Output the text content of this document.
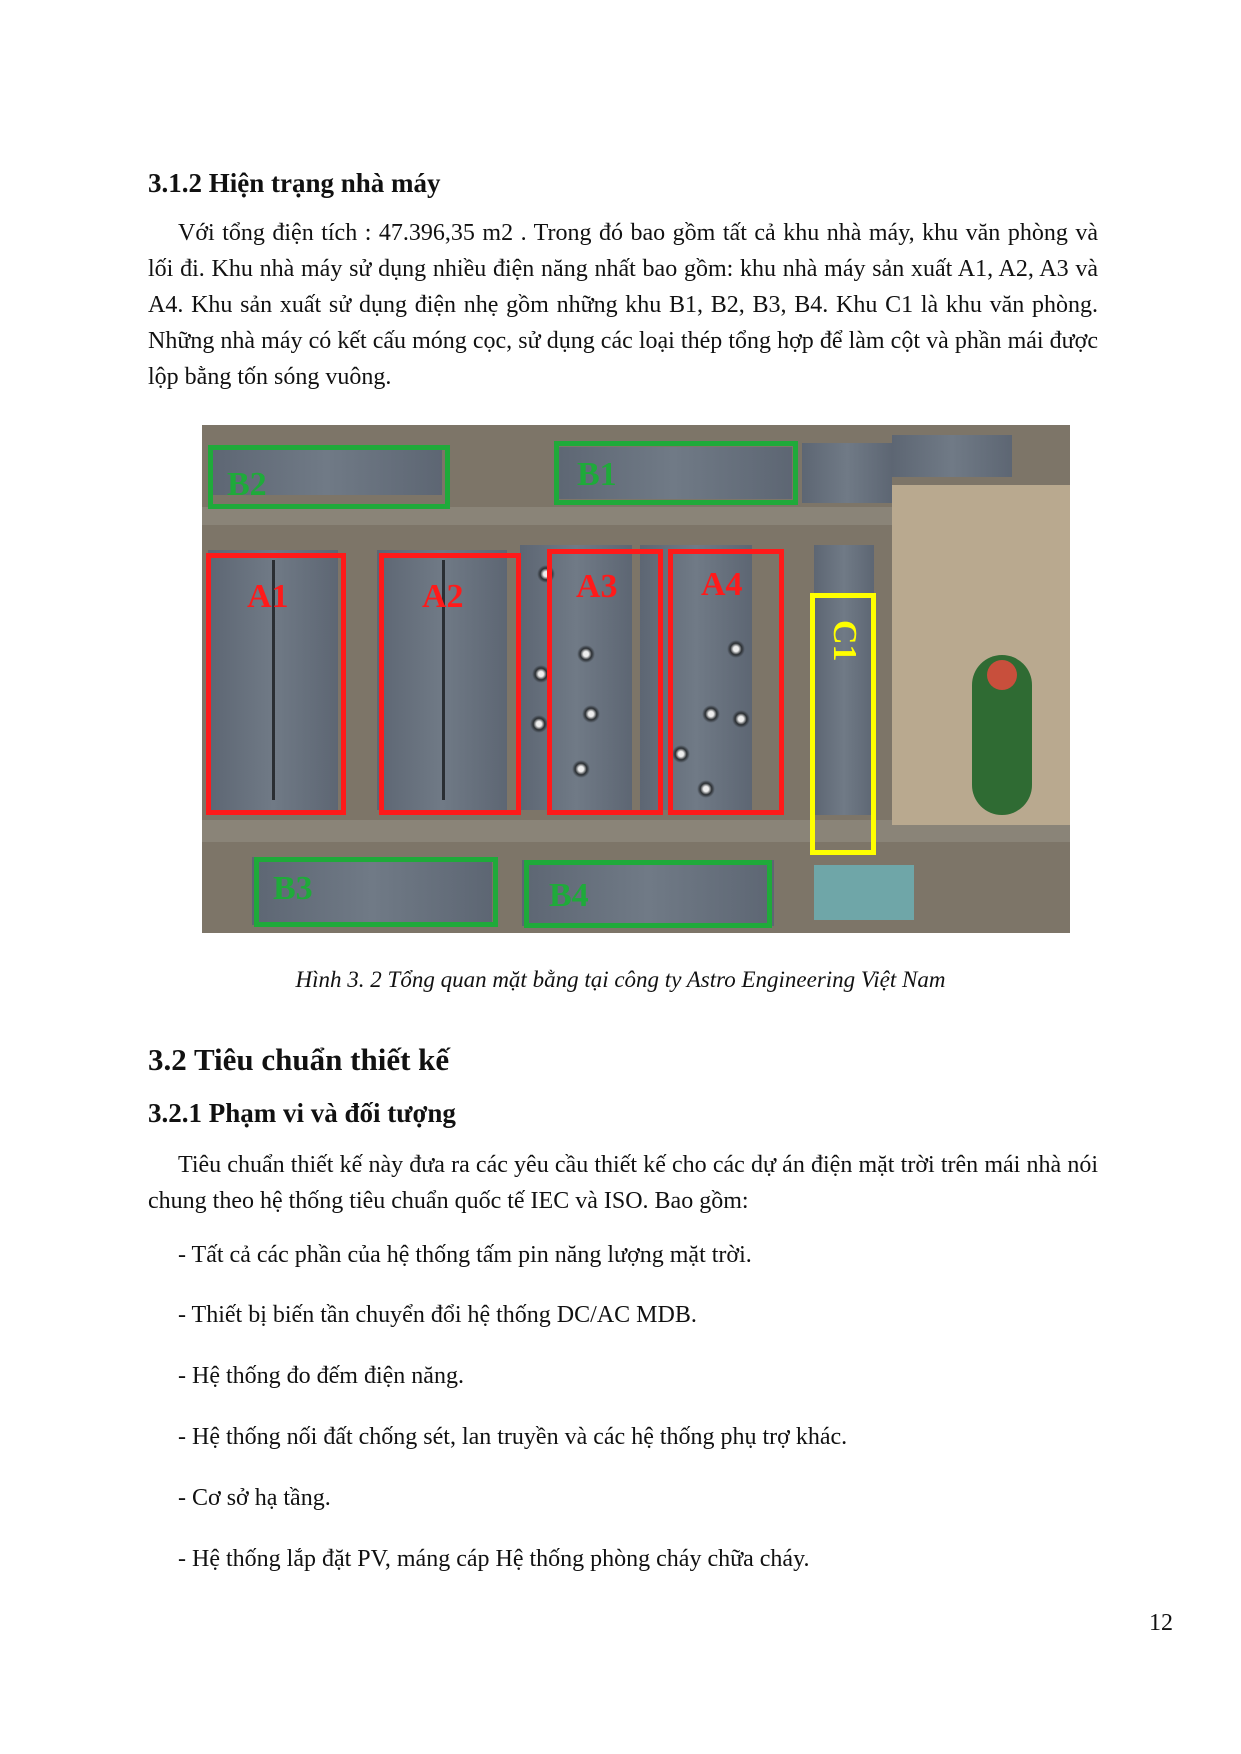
3.1.2 Hiện trạng nhà máy

Với tổng điện tích : 47.396,35 m2 . Trong đó bao gồm tất cả khu nhà máy, khu văn phòng và lối đi. Khu nhà máy sử dụng nhiều điện năng nhất bao gồm: khu nhà máy sản xuất A1, A2, A3 và A4. Khu sản xuất sử dụng điện nhẹ gồm những khu B1, B2, B3, B4. Khu C1 là khu văn phòng. Những nhà máy có kết cấu móng cọc, sử dụng các loại thép tổng hợp để làm cột và phần mái được lộp bằng tốn sóng vuông.

B2	B1
A1	A2	A3 A4
C1
B3	B4
Hình 3. 2 Tổng quan mặt bằng tại công ty Astro Engineering Việt Nam
3.2 Tiêu chuẩn thiết kế
3.2.1 Phạm vi và đối tượng

Tiêu chuẩn thiết kế này đưa ra các yêu cầu thiết kế cho các dự án điện mặt trời trên mái nhà nói chung theo hệ thống tiêu chuẩn quốc tế IEC và ISO. Bao gồm:

- Tất cả các phần của hệ thống tấm pin năng lượng mặt trời.

- Thiết bị biến tần chuyển đổi hệ thống DC/AC MDB.

- Hệ thống đo đếm điện năng.

- Hệ thống nối đất chống sét, lan truyền và các hệ thống phụ trợ khác.

- Cơ sở hạ tầng.

- Hệ thống lắp đặt PV, máng cáp Hệ thống phòng cháy chữa cháy.

12
